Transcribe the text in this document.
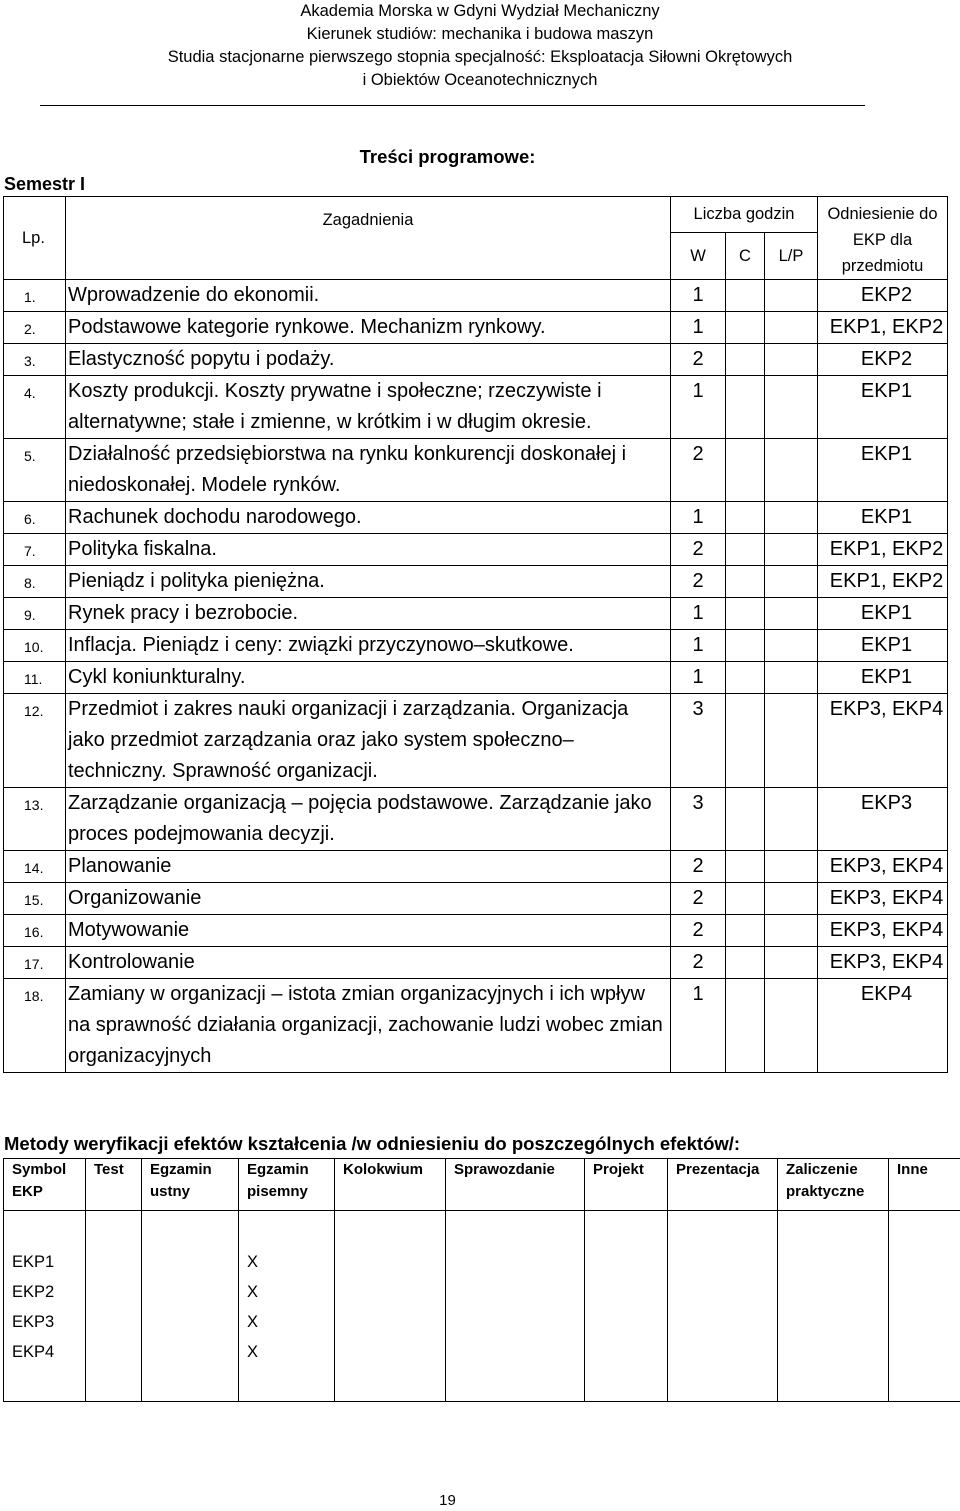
Akademia Morska w Gdyni Wydział Mechaniczny
Kierunek studiów: mechanika i budowa maszyn
Studia stacjonarne pierwszego stopnia specjalność: Eksploatacja Siłowni Okrętowych
i Obiektów Oceanotechnicznych
Treści programowe:
Semestr I
Lp.	Zagadnienia	Liczba godzin			Odniesienie do EKP dla przedmiotu
		W	C	L/P	
1.	Wprowadzenie do ekonomii.	1			EKP2
2.	Podstawowe kategorie rynkowe. Mechanizm rynkowy.	1			EKP1, EKP2
3.	Elastyczność popytu i podaży.	2			EKP2
4.	Koszty produkcji. Koszty prywatne i społeczne; rzeczywiste i alternatywne; stałe i zmienne, w krótkim i w długim okresie.	1			EKP1
5.	Działalność przedsiębiorstwa na rynku konkurencji doskonałej i niedoskonałej. Modele rynków.	2			EKP1
6.	Rachunek dochodu narodowego.	1			EKP1
7.	Polityka fiskalna.	2			EKP1, EKP2
8.	Pieniądz i polityka pieniężna.	2			EKP1, EKP2
9.	Rynek pracy i bezrobocie.	1			EKP1
10.	Inflacja. Pieniądz i ceny: związki przyczynowo–skutkowe.	1			EKP1
11.	Cykl koniunkturalny.	1			EKP1
12.	Przedmiot i zakres nauki organizacji i zarządzania. Organizacja jako przedmiot zarządzania oraz jako system społeczno–techniczny. Sprawność organizacji.	3			EKP3, EKP4
13.	Zarządzanie organizacją – pojęcia podstawowe. Zarządzanie jako proces podejmowania decyzji.	3			EKP3
14.	Planowanie	2			EKP3, EKP4
15.	Organizowanie	2			EKP3, EKP4
16.	Motywowanie	2			EKP3, EKP4
17.	Kontrolowanie	2			EKP3, EKP4
18.	Zamiany w organizacji – istota zmian organizacyjnych i ich wpływ na sprawność działania organizacji, zachowanie ludzi wobec zmian organizacyjnych	1			EKP4
Metody weryfikacji efektów kształcenia /w odniesieniu do poszczególnych efektów/:
Symbol EKP	Test	Egzamin ustny	Egzamin pisemny	Kolokwium	Sprawozdanie	Projekt	Prezentacja	Zaliczenie praktyczne	Inne

EKP1			X						
EKP2			X						
EKP3			X						
EKP4			X						

19
